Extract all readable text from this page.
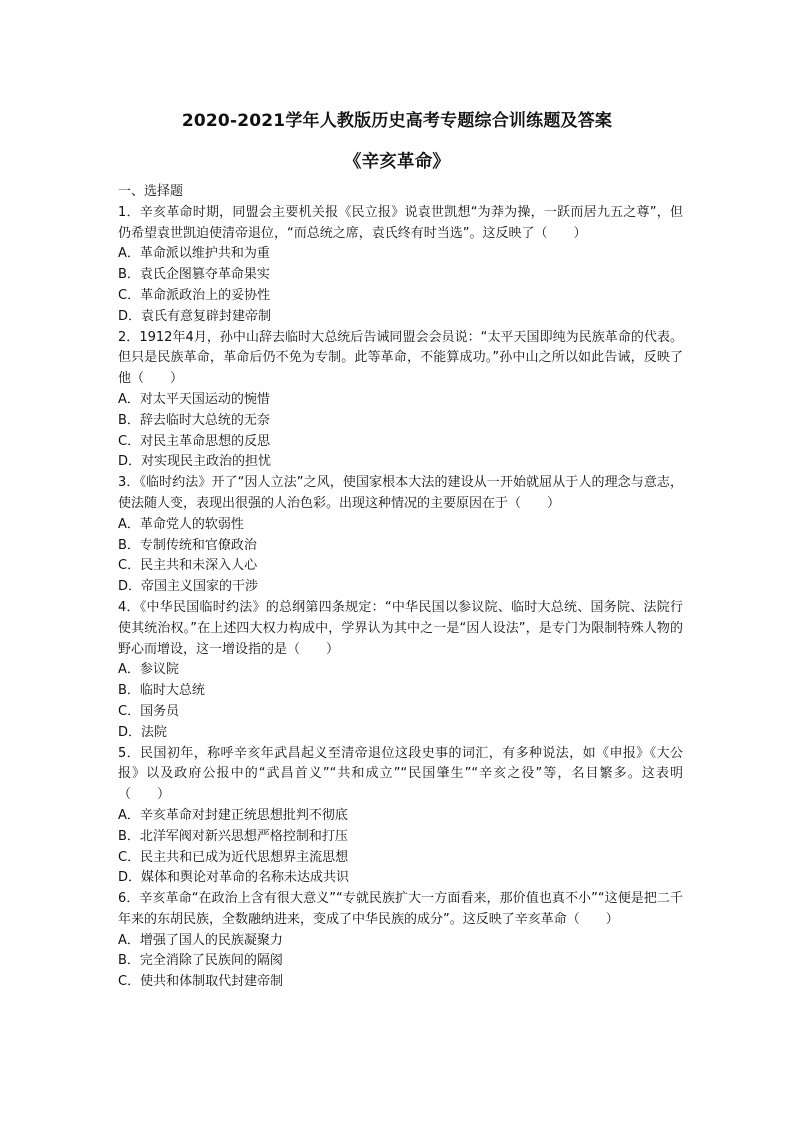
2020-2021学年人教版历史高考专题综合训练题及答案
《辛亥革命》

一、选择题

1．辛亥革命时期，同盟会主要机关报《民立报》说袁世凯想“为莽为操，一跃而居九五之尊”，但仍希望袁世凯迫使清帝退位，“而总统之席，袁氏终有时当选”。这反映了（　　）

A．革命派以维护共和为重

B．袁氏企图篡夺革命果实

C．革命派政治上的妥协性

D．袁氏有意复辟封建帝制

2．1912年4月，孙中山辞去临时大总统后告诫同盟会会员说：“太平天国即纯为民族革命的代表。但只是民族革命，革命后仍不免为专制。此等革命，不能算成功。”孙中山之所以如此告诫，反映了他（　　）

A．对太平天国运动的惋惜

B．辞去临时大总统的无奈

C．对民主革命思想的反思

D．对实现民主政治的担忧

3．《临时约法》开了“因人立法”之风，使国家根本大法的建设从一开始就屈从于人的理念与意志，使法随人变，表现出很强的人治色彩。出现这种情况的主要原因在于（　　）

A．革命党人的软弱性

B．专制传统和官僚政治

C．民主共和未深入人心

D．帝国主义国家的干涉

4．《中华民国临时约法》的总纲第四条规定：“中华民国以参议院、临时大总统、国务院、法院行使其统治权。”在上述四大权力构成中，学界认为其中之一是“因人设法”，是专门为限制特殊人物的野心而增设，这一增设指的是（　　）

A．参议院

B．临时大总统

C．国务员

D．法院

5．民国初年，称呼辛亥年武昌起义至清帝退位这段史事的词汇，有多种说法，如《申报》《大公报》以及政府公报中的“武昌首义”“共和成立”“民国肇生”“辛亥之役”等，名目繁多。这表明（　　）

A．辛亥革命对封建正统思想批判不彻底

B．北洋军阀对新兴思想严格控制和打压

C．民主共和已成为近代思想界主流思想

D．媒体和舆论对革命的名称未达成共识

6．辛亥革命“在政治上含有很大意义”“专就民族扩大一方面看来，那价值也真不小”“这便是把二千年来的东胡民族，全数融纳进来，变成了中华民族的成分”。这反映了辛亥革命（　　）

A．增强了国人的民族凝聚力

B．完全消除了民族间的隔阂

C．使共和体制取代封建帝制
